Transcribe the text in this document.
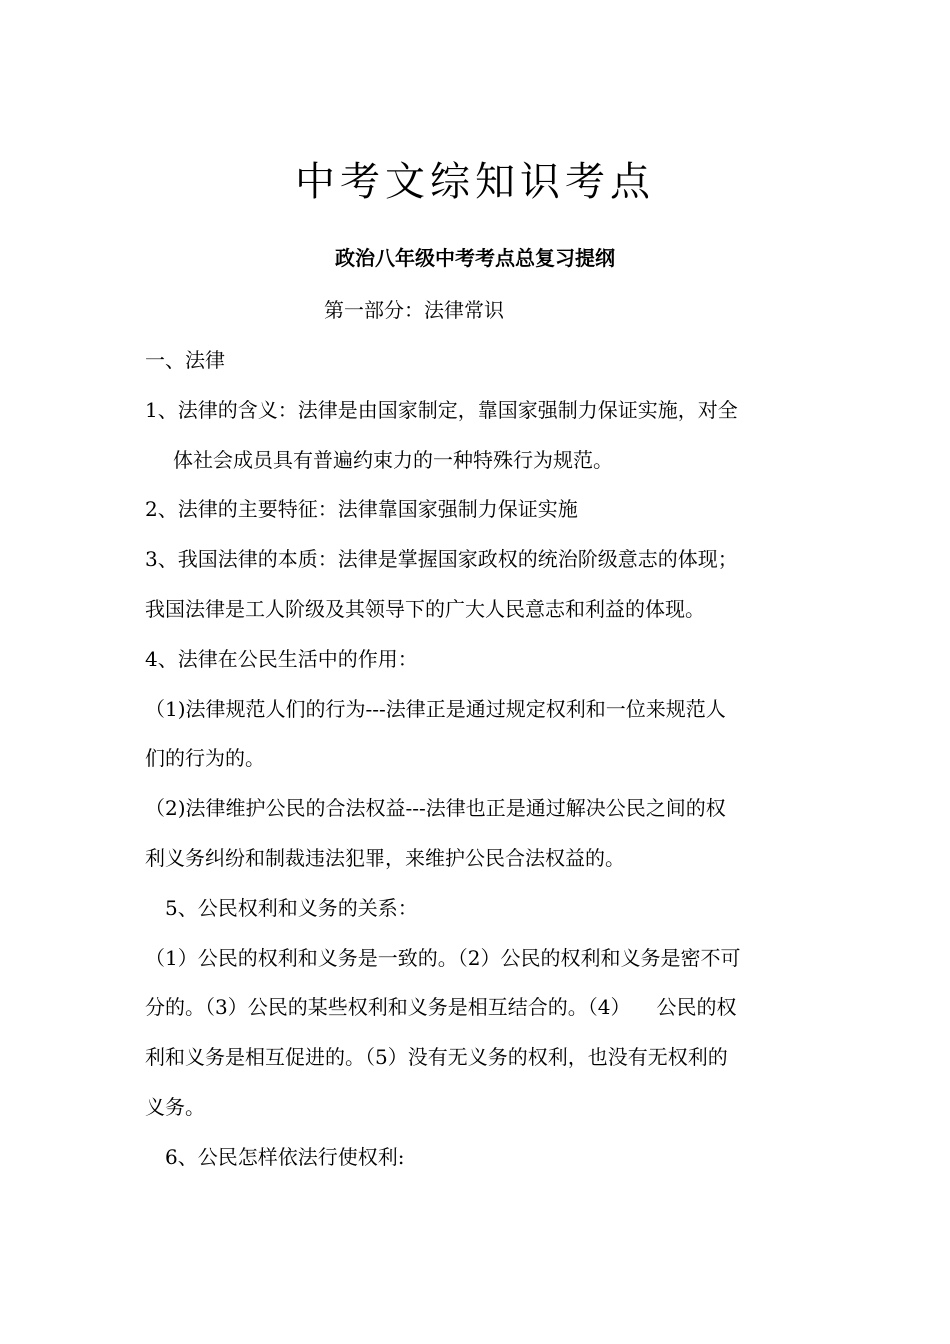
中考文综知识考点
政治八年级中考考点总复习提纲
第一部分：法律常识
一、法律
1、法律的含义：法律是由国家制定，靠国家强制力保证实施，对全
体社会成员具有普遍约束力的一种特殊行为规范。
2、法律的主要特征：法律靠国家强制力保证实施
3、我国法律的本质：法律是掌握国家政权的统治阶级意志的体现；
我国法律是工人阶级及其领导下的广大人民意志和利益的体现。
4、法律在公民生活中的作用：
（1)法律规范人们的行为---法律正是通过规定权利和一位来规范人
们的行为的。
（2)法律维护公民的合法权益---法律也正是通过解决公民之间的权
利义务纠纷和制裁违法犯罪，来维护公民合法权益的。
5、公民权利和义务的关系：
（1）公民的权利和义务是一致的。（2）公民的权利和义务是密不可
分的。（3）公民的某些权利和义务是相互结合的。（4） 公民的权
利和义务是相互促进的。（5）没有无义务的权利，也没有无权利的
义务。
6、公民怎样依法行使权利:
